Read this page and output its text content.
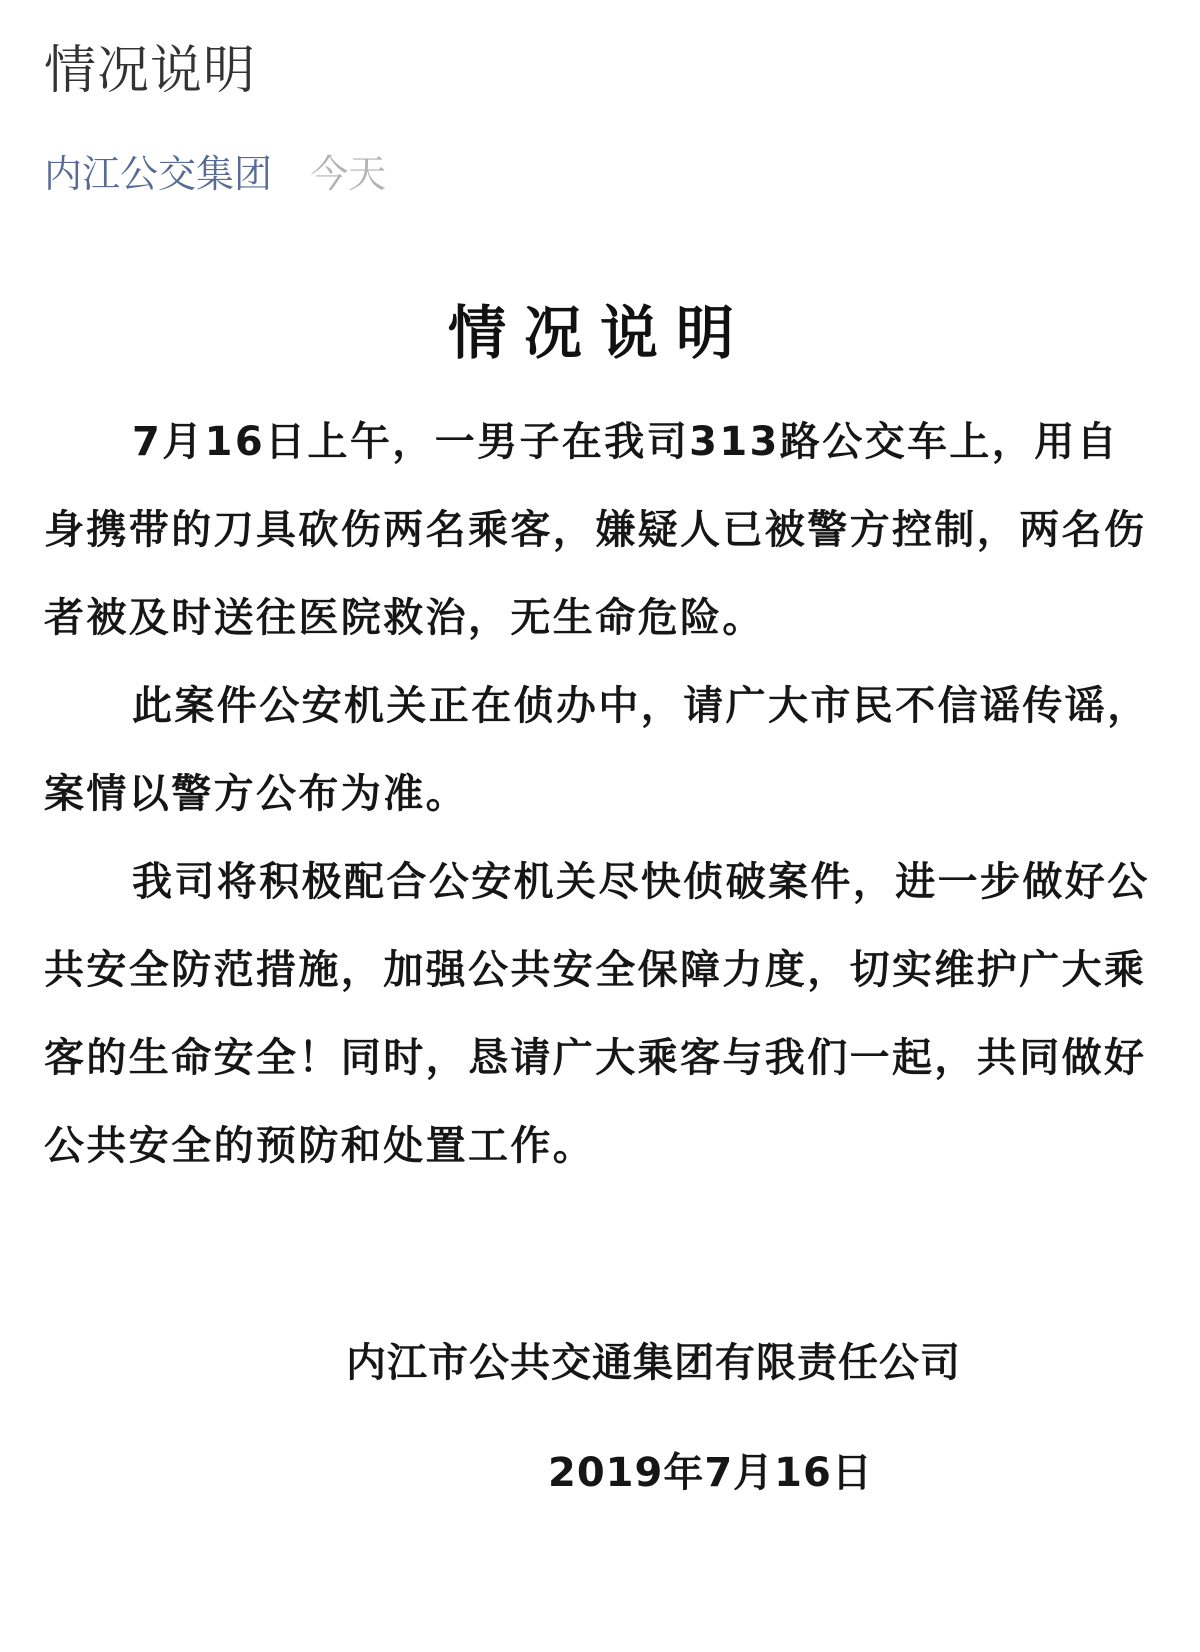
情况说明
内江公交集团 今天
情况说明

7月16日上午，一男子在我司313路公交车上，用自身携带的刀具砍伤两名乘客，嫌疑人已被警方控制，两名伤者被及时送往医院救治，无生命危险。

此案件公安机关正在侦办中，请广大市民不信谣传谣，案情以警方公布为准。

我司将积极配合公安机关尽快侦破案件，进一步做好公共安全防范措施，加强公共安全保障力度，切实维护广大乘客的生命安全！同时，恳请广大乘客与我们一起，共同做好公共安全的预防和处置工作。

内江市公共交通集团有限责任公司
2019年7月16日
